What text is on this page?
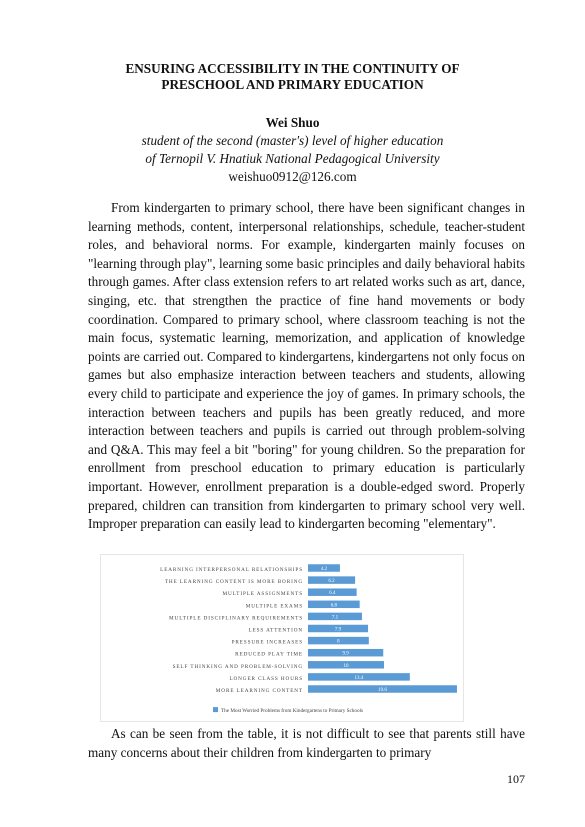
ENSURING ACCESSIBILITY IN THE CONTINUITY OF
PRESCHOOL AND PRIMARY EDUCATION
Wei Shuo
student of the second (master's) level of higher education
of Ternopil V. Hnatiuk National Pedagogical University
weishuo0912@126.com

From kindergarten to primary school, there have been significant changes in learning methods, content, interpersonal relationships, schedule, teacher-student roles, and behavioral norms. For example, kindergarten mainly focuses on "learning through play", learning some basic principles and daily behavioral habits through games. After class extension refers to art related works such as art, dance, singing, etc. that strengthen the practice of fine hand movements or body coordination. Compared to primary school, where classroom teaching is not the main focus, systematic learning, memorization, and application of knowledge points are carried out. Compared to kindergartens, kindergartens not only focus on games but also emphasize interaction between teachers and students, allowing every child to participate and experience the joy of games. In primary schools, the interaction between teachers and pupils has been greatly reduced, and more interaction between teachers and pupils is carried out through problem-solving and Q&A. This may feel a bit "boring" for young children. So the preparation for enrollment from preschool education to primary education is particularly important. However, enrollment preparation is a double-edged sword. Properly prepared, children can transition from kindergarten to primary school very well. Improper preparation can easily lead to kindergarten becoming "elementary".

LEARNING INTERPERSONAL RELATIONSHIPS	4.2
THE LEARNING CONTENT IS MORE BORING	6.2
MULTIPLE ASSIGNMENTS	6.4
MULTIPLE EXAMS	6.8
MULTIPLE DISCIPLINARY REQUIREMENTS	7.1
LESS ATTENTION	7.9
PRESSURE INCREASES	8
REDUCED PLAY TIME	9.9
SELF THINKING AND PROBLEM-SOLVING	10
LONGER CLASS HOURS	13.4
MORE LEARNING CONTENT	19.6
The Most Worried Problems from Kindergartens to Primary Schools

As can be seen from the table, it is not difficult to see that parents still have many concerns about their children from kindergarten to primary

107
